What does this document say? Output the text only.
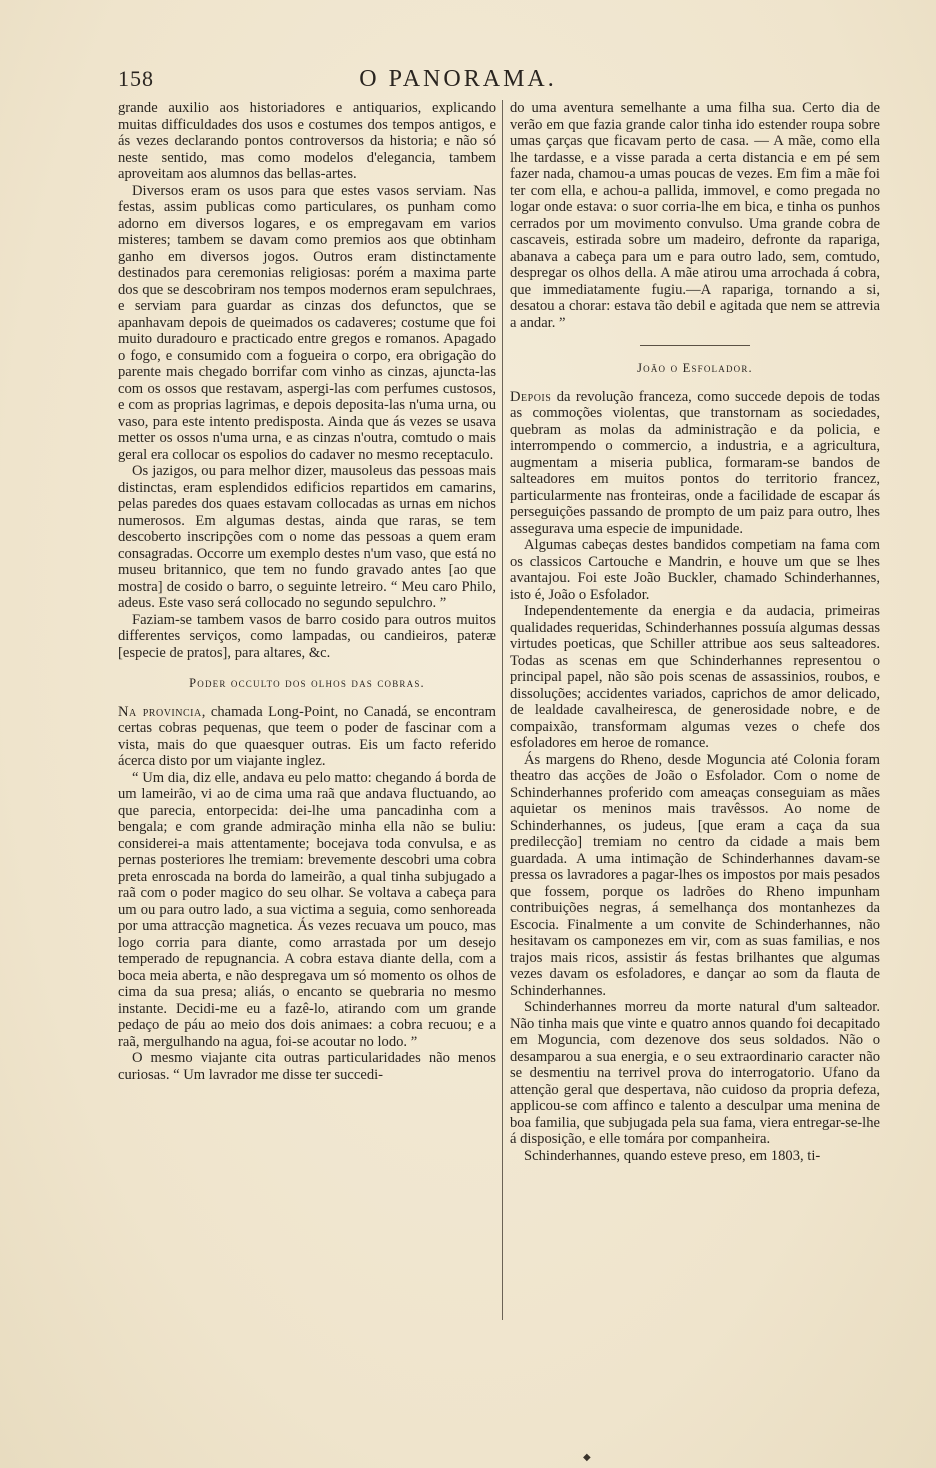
158	O PANORAMA.

grande auxilio aos historiadores e antiquarios, explicando muitas difficuldades dos usos e costumes dos tempos antigos, e ás vezes declarando pontos controversos da historia; e não só neste sentido, mas como modelos d'elegancia, tambem aproveitam aos alumnos das bellas-artes.

Diversos eram os usos para que estes vasos serviam. Nas festas, assim publicas como particulares, os punham como adorno em diversos logares, e os empregavam em varios misteres; tambem se davam como premios aos que obtinham ganho em diversos jogos. Outros eram distinctamente destinados para ceremonias religiosas: porém a maxima parte dos que se descobriram nos tempos modernos eram sepulchraes, e serviam para guardar as cinzas dos defunctos, que se apanhavam depois de queimados os cadaveres; costume que foi muito duradouro e practicado entre gregos e romanos. Apagado o fogo, e consumido com a fogueira o corpo, era obrigação do parente mais chegado borrifar com vinho as cinzas, ajuncta-las com os ossos que restavam, aspergi-las com perfumes custosos, e com as proprias lagrimas, e depois deposita-las n'uma urna, ou vaso, para este intento predisposta. Ainda que ás vezes se usava metter os ossos n'uma urna, e as cinzas n'outra, comtudo o mais geral era collocar os espolios do cadaver no mesmo receptaculo.

Os jazigos, ou para melhor dizer, mausoleus das pessoas mais distinctas, eram esplendidos edificios repartidos em camarins, pelas paredes dos quaes estavam collocadas as urnas em nichos numerosos. Em algumas destas, ainda que raras, se tem descoberto inscripções com o nome das pessoas a quem eram consagradas. Occorre um exemplo destes n'um vaso, que está no museu britannico, que tem no fundo gravado antes [ao que mostra] de cosido o barro, o seguinte letreiro. “ Meu caro Philo, adeus. Este vaso será collocado no segundo sepulchro. ”

Faziam-se tambem vasos de barro cosido para outros muitos differentes serviços, como lampadas, ou candieiros, pateræ [especie de pratos], para altares, &c.

Poder occulto dos olhos das cobras.

Na provincia, chamada Long-Point, no Canadá, se encontram certas cobras pequenas, que teem o poder de fascinar com a vista, mais do que quaesquer outras. Eis um facto referido ácerca disto por um viajante inglez.

“ Um dia, diz elle, andava eu pelo matto: chegando á borda de um lameirão, vi ao de cima uma raã que andava fluctuando, ao que parecia, entorpecida: dei-lhe uma pancadinha com a bengala; e com grande admiração minha ella não se buliu: considerei-a mais attentamente; bocejava toda convulsa, e as pernas posteriores lhe tremiam: brevemente descobri uma cobra preta enroscada na borda do lameirão, a qual tinha subjugado a raã com o poder magico do seu olhar. Se voltava a cabeça para um ou para outro lado, a sua victima a seguia, como senhoreada por uma attracção magnetica. Ás vezes recuava um pouco, mas logo corria para diante, como arrastada por um desejo temperado de repugnancia. A cobra estava diante della, com a boca meia aberta, e não despregava um só momento os olhos de cima da sua presa; aliás, o encanto se quebraria no mesmo instante. Decidi-me eu a fazê-lo, atirando com um grande pedaço de páu ao meio dos dois animaes: a cobra recuou; e a raã, mergulhando na agua, foi-se acoutar no lodo. ”

O mesmo viajante cita outras particularidades não menos curiosas. “ Um lavrador me disse ter succedi-

do uma aventura semelhante a uma filha sua. Certo dia de verão em que fazia grande calor tinha ido estender roupa sobre umas çarças que ficavam perto de casa. — A mãe, como ella lhe tardasse, e a visse parada a certa distancia e em pé sem fazer nada, chamou-a umas poucas de vezes. Em fim a mãe foi ter com ella, e achou-a pallida, immovel, e como pregada no logar onde estava: o suor corria-lhe em bica, e tinha os punhos cerrados por um movimento convulso. Uma grande cobra de cascaveis, estirada sobre um madeiro, defronte da rapariga, abanava a cabeça para um e para outro lado, sem, comtudo, despregar os olhos della. A mãe atirou uma arrochada á cobra, que immediatamente fugiu.—A rapariga, tornando a si, desatou a chorar: estava tão debil e agitada que nem se attrevia a andar. ”

João o Esfolador.

Depois da revolução franceza, como succede depois de todas as commoções violentas, que transtornam as sociedades, quebram as molas da administração e da policia, e interrompendo o commercio, a industria, e a agricultura, augmentam a miseria publica, formaram-se bandos de salteadores em muitos pontos do territorio francez, particularmente nas fronteiras, onde a facilidade de escapar ás perseguições passando de prompto de um paiz para outro, lhes assegurava uma especie de impunidade.

Algumas cabeças destes bandidos competiam na fama com os classicos Cartouche e Mandrin, e houve um que se lhes avantajou. Foi este João Buckler, chamado Schinderhannes, isto é, João o Esfolador.

Independentemente da energia e da audacia, primeiras qualidades requeridas, Schinderhannes possuía algumas dessas virtudes poeticas, que Schiller attribue aos seus salteadores. Todas as scenas em que Schinderhannes representou o principal papel, não são pois scenas de assassinios, roubos, e dissoluções; accidentes variados, caprichos de amor delicado, de lealdade cavalheiresca, de generosidade nobre, e de compaixão, transformam algumas vezes o chefe dos esfoladores em heroe de romance.

Ás margens do Rheno, desde Moguncia até Colonia foram theatro das acções de João o Esfolador. Com o nome de Schinderhannes proferido com ameaças conseguiam as mães aquietar os meninos mais travêssos. Ao nome de Schinderhannes, os judeus, [que eram a caça da sua predilecção] tremiam no centro da cidade a mais bem guardada. A uma intimação de Schinderhannes davam-se pressa os lavradores a pagar-lhes os impostos por mais pesados que fossem, porque os ladrões do Rheno impunham contribuições negras, á semelhança dos montanhezes da Escocia. Finalmente a um convite de Schinderhannes, não hesitavam os camponezes em vir, com as suas familias, e nos trajos mais ricos, assistir ás festas brilhantes que algumas vezes davam os esfoladores, e dançar ao som da flauta de Schinderhannes.

Schinderhannes morreu da morte natural d'um salteador. Não tinha mais que vinte e quatro annos quando foi decapitado em Moguncia, com dezenove dos seus soldados. Não o desamparou a sua energia, e o seu extraordinario caracter não se desmentiu na terrivel prova do interrogatorio. Ufano da attenção geral que despertava, não cuidoso da propria defeza, applicou-se com affinco e talento a desculpar uma menina de boa familia, que subjugada pela sua fama, viera entregar-se-lhe á disposição, e elle tomára por companheira.

Schinderhannes, quando esteve preso, em 1803, ti-

◆
